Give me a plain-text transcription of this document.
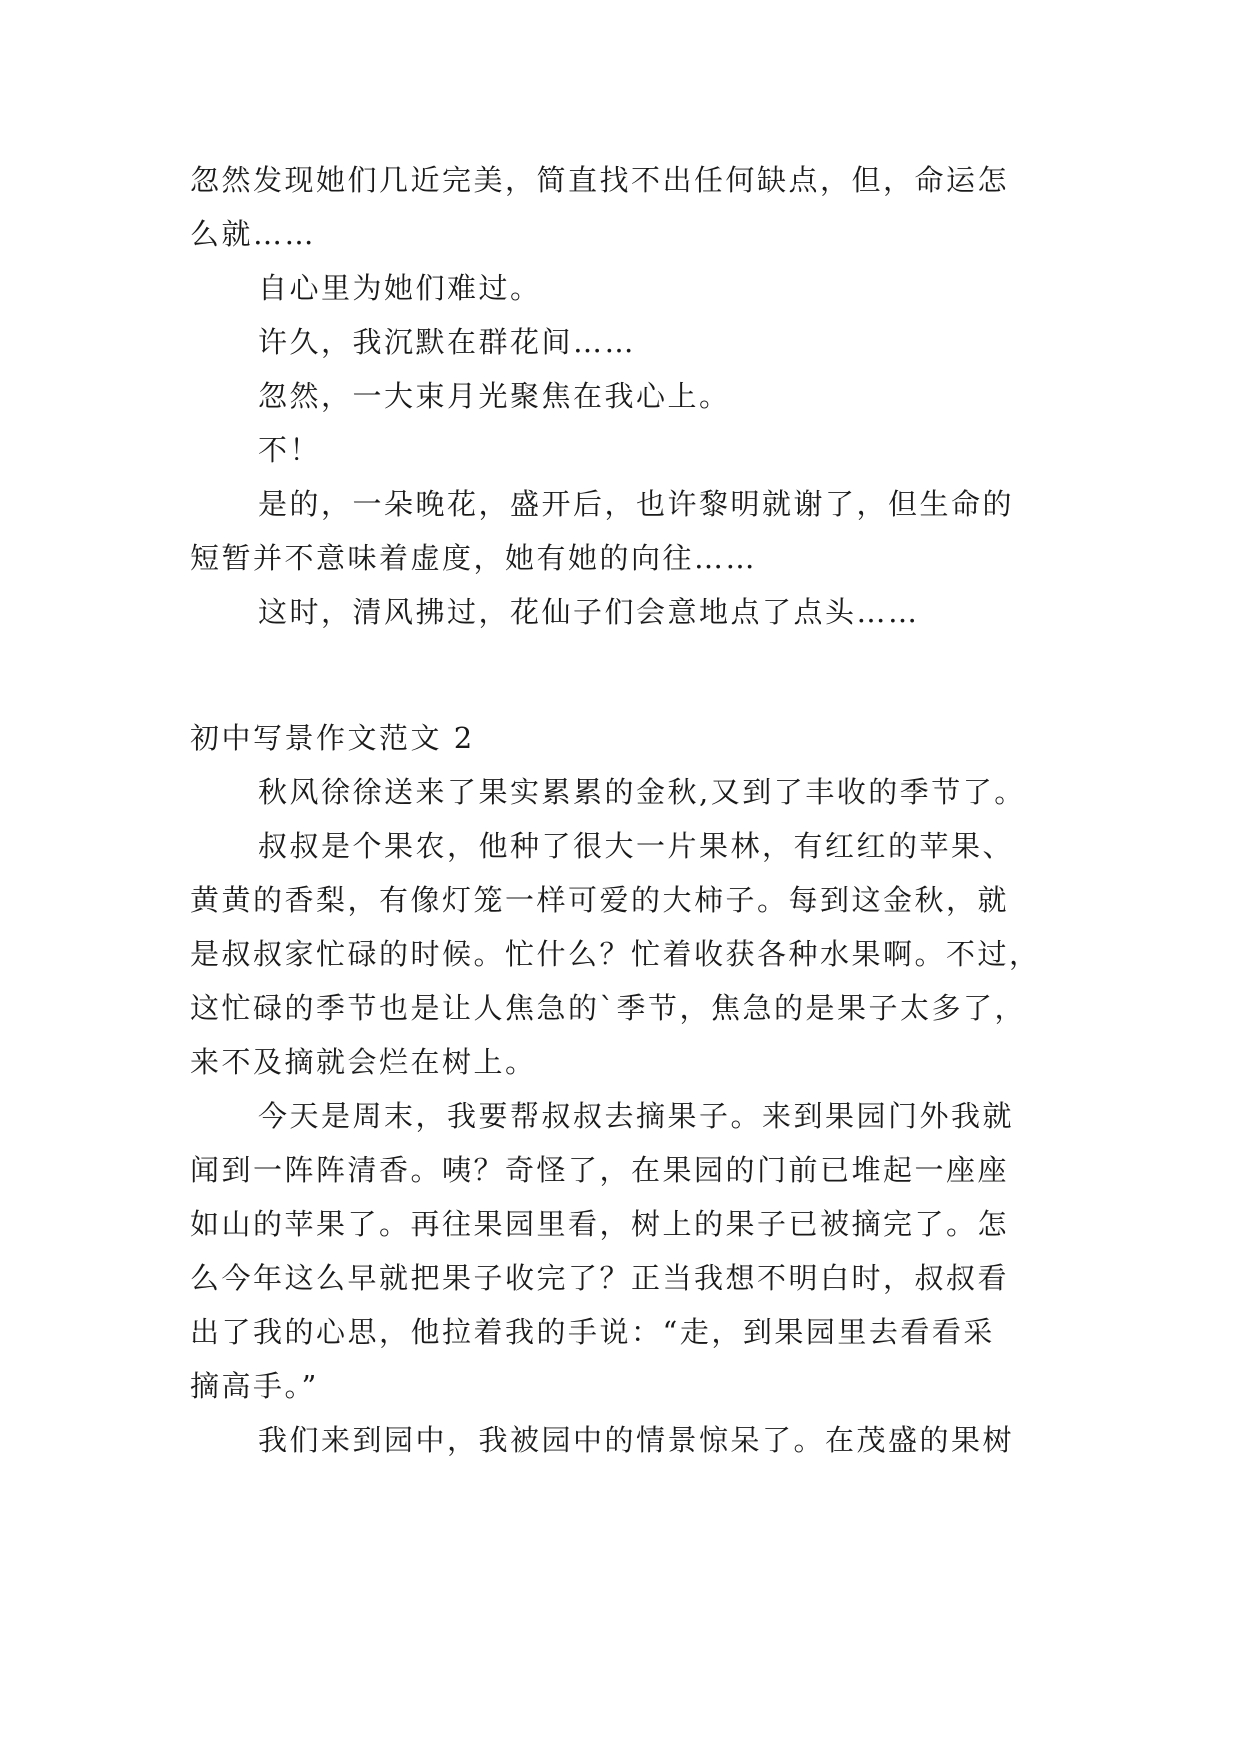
忽然发现她们几近完美，简直找不出任何缺点，但，命运怎
么就……
自心里为她们难过。
许久，我沉默在群花间……
忽然，一大束月光聚焦在我心上。
不！
是的，一朵晚花，盛开后，也许黎明就谢了，但生命的
短暂并不意味着虚度，她有她的向往……
这时，清风拂过，花仙子们会意地点了点头……
初中写景作文范文 2
秋风徐徐送来了果实累累的金秋,又到了丰收的季节了。
叔叔是个果农，他种了很大一片果林，有红红的苹果、
黄黄的香梨，有像灯笼一样可爱的大柿子。每到这金秋，就
是叔叔家忙碌的时候。忙什么？忙着收获各种水果啊。不过，
这忙碌的季节也是让人焦急的`季节，焦急的是果子太多了，
来不及摘就会烂在树上。
今天是周末，我要帮叔叔去摘果子。来到果园门外我就
闻到一阵阵清香。咦？奇怪了，在果园的门前已堆起一座座
如山的苹果了。再往果园里看，树上的果子已被摘完了。怎
么今年这么早就把果子收完了？正当我想不明白时，叔叔看
出了我的心思，他拉着我的手说：“走，到果园里去看看采
摘高手。”
我们来到园中，我被园中的情景惊呆了。在茂盛的果树
